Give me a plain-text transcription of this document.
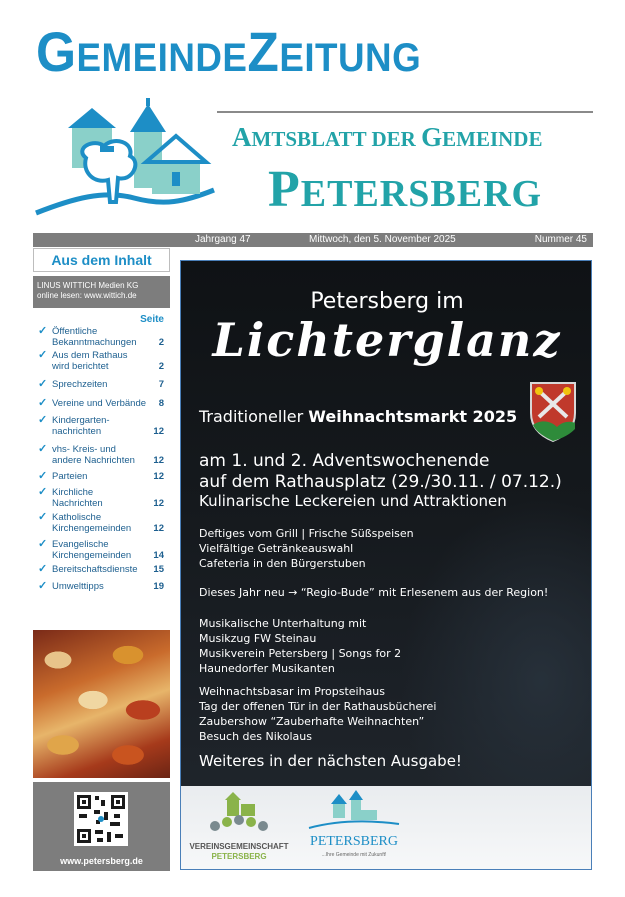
GEMEINDEZEITUNG
AMTSBLATT DER GEMEINDE
PETERSBERG
Jahrgang 47	Mittwoch, den 5. November 2025	Nummer 45
Aus dem Inhalt
LINUS WITTICH Medien KG
online lesen: www.wittich.de
Seite
✓ Öffentliche
Bekanntmachungen	2
✓ Aus dem Rathaus
wird berichtet	2
✓ Sprechzeiten	7
✓ Vereine und Verbände 8
✓ Kindergarten-
nachrichten	12
✓ vhs- Kreis- und
andere Nachrichten	12
✓ Parteien	12
✓ Kirchliche
Nachrichten	12
✓ Katholische
Kirchengemeinden	12
✓ Evangelische
Kirchengemeinden	14
✓ Bereitschaftsdienste	15
✓ Umwelttipps	19
www.petersberg.de
Petersberg im
Lichterglanz
Traditioneller Weihnachtsmarkt 2025
am 1. und 2. Adventswochenende
auf dem Rathausplatz (29./30.11. / 07.12.)
Kulinarische Leckereien und Attraktionen
Deftiges vom Grill | Frische Süßspeisen
Vielfältige Getränkeauswahl
Cafeteria in den Bürgerstuben
Dieses Jahr neu → “Regio-Bude” mit Erlesenem aus der Region!
Musikalische Unterhaltung mit
Musikzug FW Steinau
Musikverein Petersberg | Songs for 2
Haunedorfer Musikanten
Weihnachtsbasar im Propsteihaus
Tag der offenen Tür in der Rathausbücherei
Zaubershow “Zauberhafte Weihnachten”
Besuch des Nikolaus
Weiteres in der nächsten Ausgabe!
VEREINSGEMEINSCHAFT
PETERSBERG
PETERSBERG
...Ihre Gemeinde mit Zukunft!
